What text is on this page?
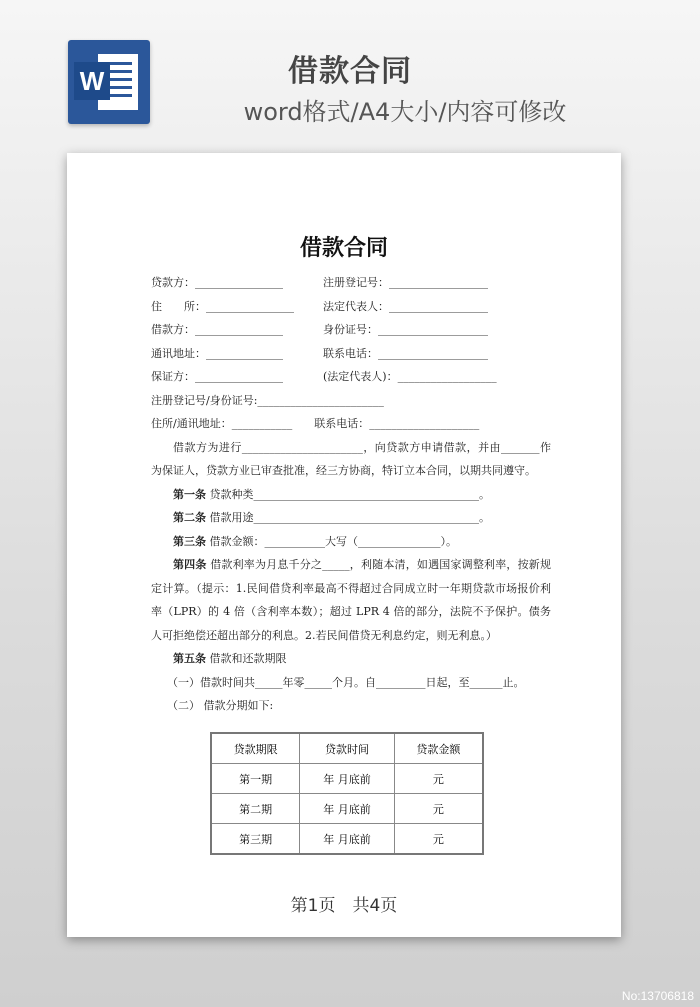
W	借款合同
word格式/A4大小/内容可修改
借款合同
贷款方：________________	注册登记号：__________________
住　　所：________________	法定代表人：__________________
借款方：________________	身份证号：____________________
通讯地址：______________	联系电话：____________________
保证方：________________	(法定代表人)：__________________
注册登记号/身份证号:_______________________
住所/通讯地址：___________　　联系电话：____________________
借款方为进行______________________，向贷款方申请借款，并由_______作为保证人，贷款方业已审查批准，经三方协商，特订立本合同，以期共同遵守。
第一条 贷款种类_________________________________________。
第二条 借款用途_________________________________________。
第三条 借款金额：___________大写（_______________）。
第四条 借款利率为月息千分之_____，利随本清，如遇国家调整利率，按新规定计算。（提示：1.民间借贷利率最高不得超过合同成立时一年期贷款市场报价利率（LPR）的 4 倍（含利率本数）；超过 LPR 4 倍的部分，法院不予保护。债务人可拒绝偿还超出部分的利息。2.若民间借贷无利息约定，则无利息。）
第五条 借款和还款期限
（一）借款时间共_____年零_____个月。自_________日起，至______止。
（二） 借款分期如下:
贷款期限	贷款时间	贷款金额
第一期	年 月底前	元
第二期	年 月底前	元
第三期	年 月底前	元
第1页　共4页
No:13706818
